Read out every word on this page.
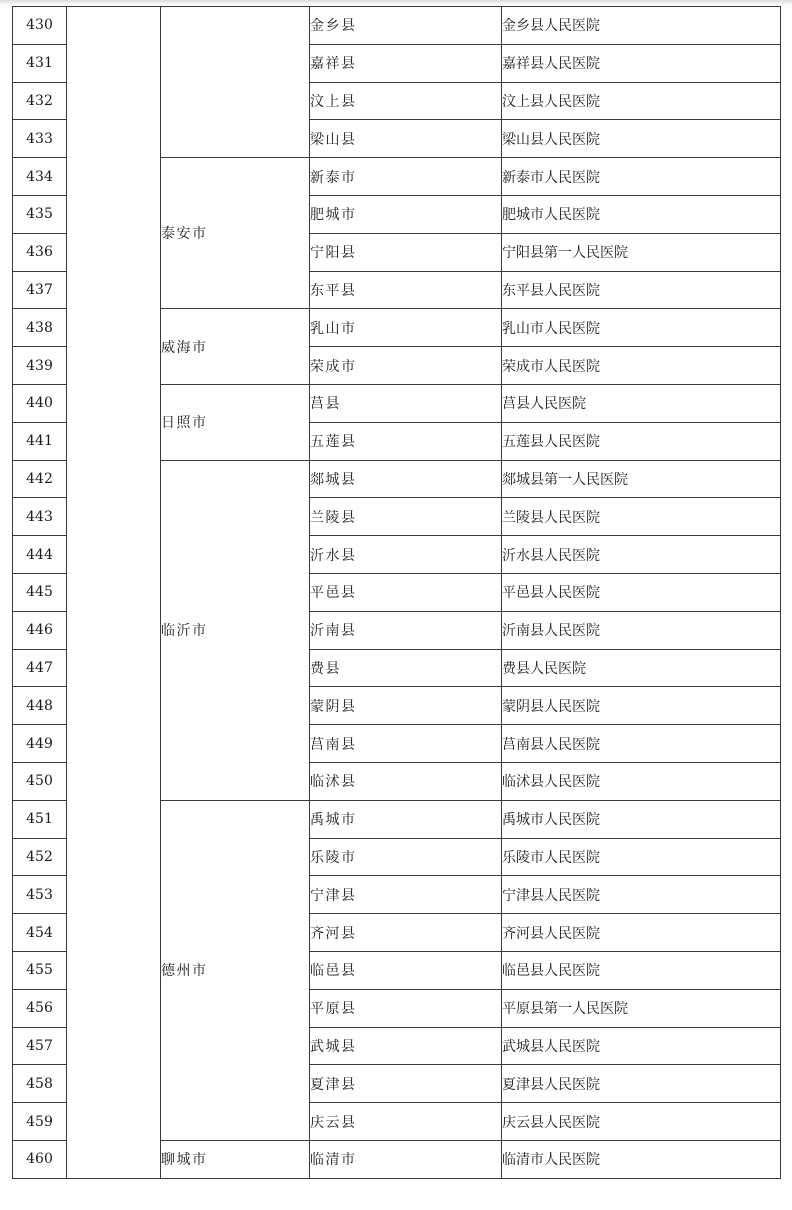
430			金乡县	金乡县人民医院
431			嘉祥县	嘉祥县人民医院
432			汶上县	汶上县人民医院
433			梁山县	梁山县人民医院
434		泰安市	新泰市	新泰市人民医院
435			肥城市	肥城市人民医院
436			宁阳县	宁阳县第一人民医院
437			东平县	东平县人民医院
438		威海市	乳山市	乳山市人民医院
439			荣成市	荣成市人民医院
440		日照市	莒县	莒县人民医院
441			五莲县	五莲县人民医院
442		临沂市	郯城县	郯城县第一人民医院
443			兰陵县	兰陵县人民医院
444			沂水县	沂水县人民医院
445			平邑县	平邑县人民医院
446			沂南县	沂南县人民医院
447			费县	费县人民医院
448			蒙阴县	蒙阴县人民医院
449			莒南县	莒南县人民医院
450			临沭县	临沭县人民医院
451		德州市	禹城市	禹城市人民医院
452			乐陵市	乐陵市人民医院
453			宁津县	宁津县人民医院
454			齐河县	齐河县人民医院
455			临邑县	临邑县人民医院
456			平原县	平原县第一人民医院
457			武城县	武城县人民医院
458			夏津县	夏津县人民医院
459			庆云县	庆云县人民医院
460		聊城市	临清市	临清市人民医院
